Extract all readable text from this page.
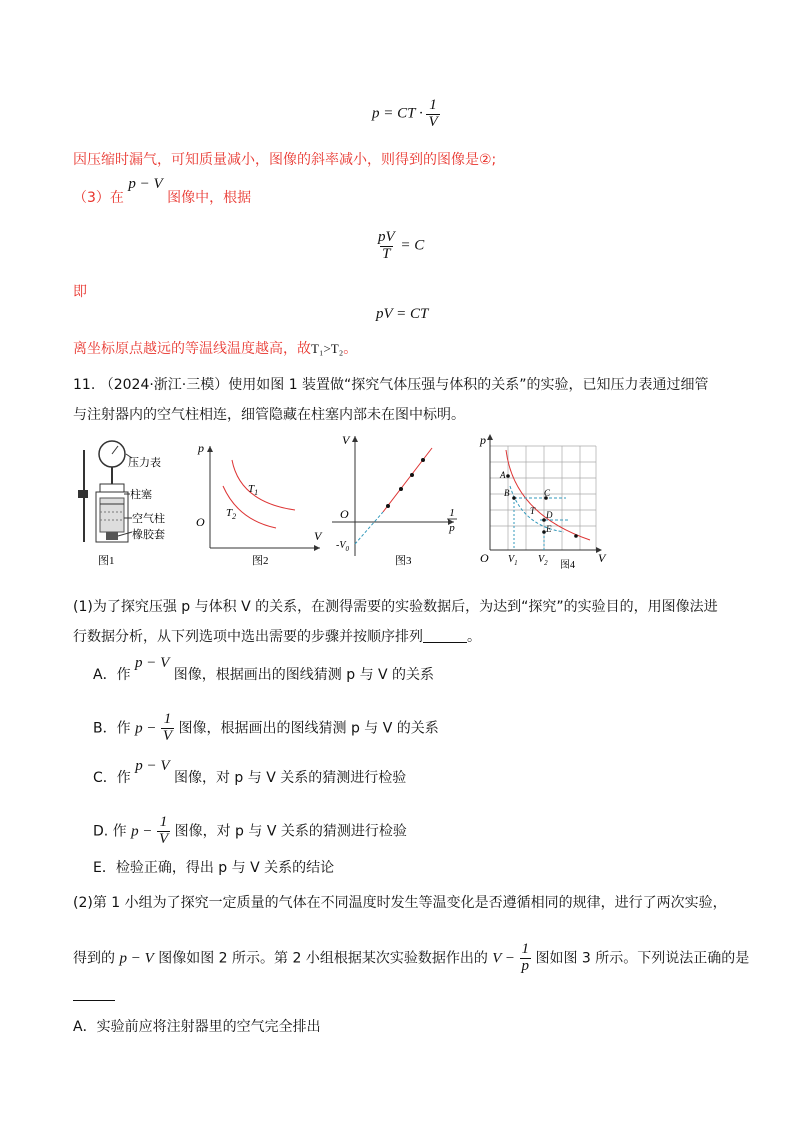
p = CT · $\frac{1}{V}$
因压缩时漏气，可知质量减小，图像的斜率减小，则得到的图像是②;
（3）在 p − V 图像中，根据
$\frac{pV}{T} = C$
即
pV = CT
离坐标原点越远的等温线温度越高，故T₁>T₂。
11. （2024·浙江·三模）使用如图 1 装置做“探究气体压强与体积的关系”的实验，已知压力表通过细管
与注射器内的空气柱相连，细管隐藏在柱塞内部未在图中标明。
压力表
柱塞
空气柱
橡胶套
图1
p
V
O
$T_1$
$T_2$
图2
V
O
$-V_0$
1
p
图3
p
V
O
A
B	C
T D
E
$V_1$ $V_2$ 图4
(1)为了探究压强 p 与体积 V 的关系，在测得需要的实验数据后，为达到“探究”的实验目的，用图像法进
行数据分析，从下列选项中选出需要的步骤并按顺序排列	。
A．作 p − V 图像，根据画出的图线猜测 p 与 V 的关系
B．作 $p - \frac{1}{V}$ 图像，根据画出的图线猜测 p 与 V 的关系
C．作 p − V 图像，对 p 与 V 关系的猜测进行检验
D. 作 $p - \frac{1}{V}$ 图像，对 p 与 V 关系的猜测进行检验
E．检验正确，得出 p 与 V 关系的结论
(2)第 1 小组为了探究一定质量的气体在不同温度时发生等温变化是否遵循相同的规律，进行了两次实验，
得到的 p − V 图像如图 2 所示。第 2 小组根据某次实验数据作出的 $V - \frac{1}{p}$ 图如图 3 所示。下列说法正确的是
A．实验前应将注射器里的空气完全排出
